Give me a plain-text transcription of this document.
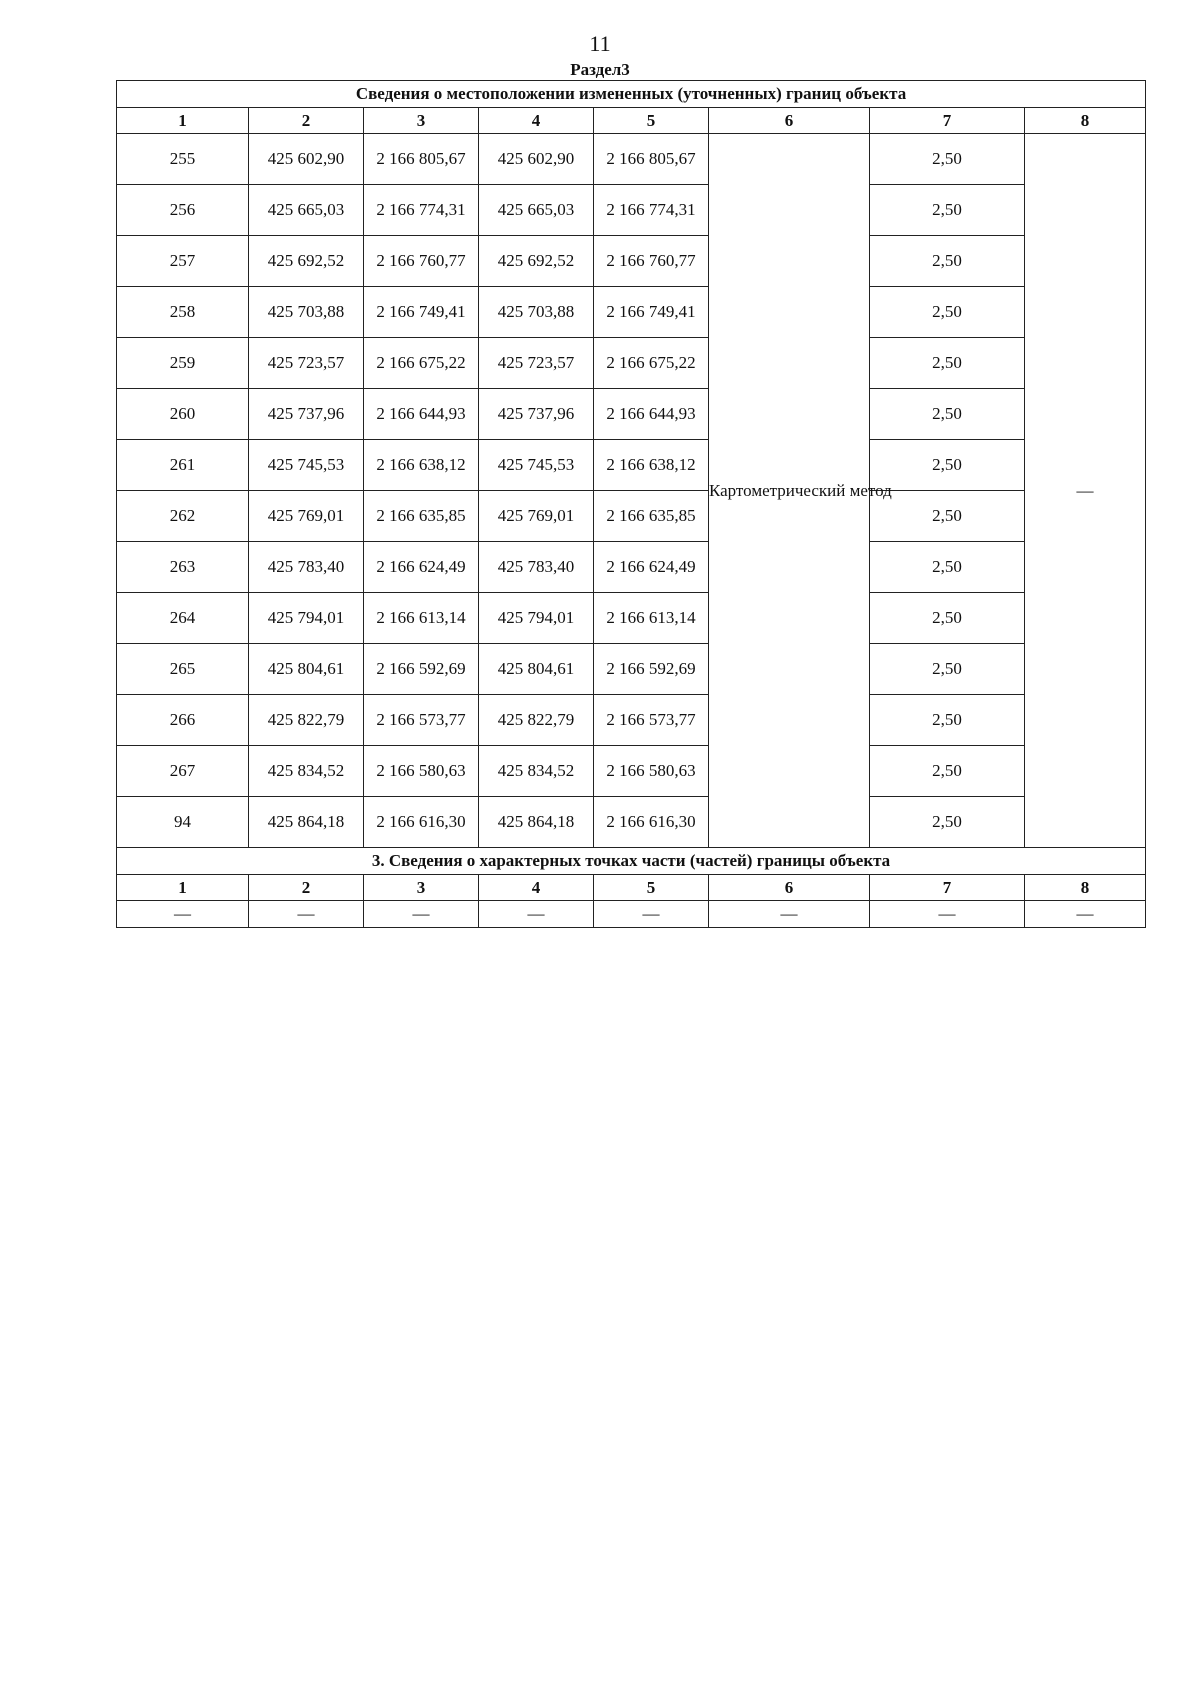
11
Раздел3
Сведения о местоположении измененных (уточненных) границ объекта							
1	2	3	4	5	6	7	8
255	425 602,90	2 166 805,67	425 602,90	2 166 805,67	Картометрический метод	2,50	—
256	425 665,03	2 166 774,31	425 665,03	2 166 774,31		2,50	
257	425 692,52	2 166 760,77	425 692,52	2 166 760,77		2,50	
258	425 703,88	2 166 749,41	425 703,88	2 166 749,41		2,50	
259	425 723,57	2 166 675,22	425 723,57	2 166 675,22		2,50	
260	425 737,96	2 166 644,93	425 737,96	2 166 644,93		2,50	
261	425 745,53	2 166 638,12	425 745,53	2 166 638,12		2,50	
262	425 769,01	2 166 635,85	425 769,01	2 166 635,85		2,50	
263	425 783,40	2 166 624,49	425 783,40	2 166 624,49		2,50	
264	425 794,01	2 166 613,14	425 794,01	2 166 613,14		2,50	
265	425 804,61	2 166 592,69	425 804,61	2 166 592,69		2,50	
266	425 822,79	2 166 573,77	425 822,79	2 166 573,77		2,50	
267	425 834,52	2 166 580,63	425 834,52	2 166 580,63		2,50	
94	425 864,18	2 166 616,30	425 864,18	2 166 616,30		2,50	
3. Сведения о характерных точках части (частей) границы объекта							
1	2	3	4	5	6	7	8
—	—	—	—	—	—	—	—
